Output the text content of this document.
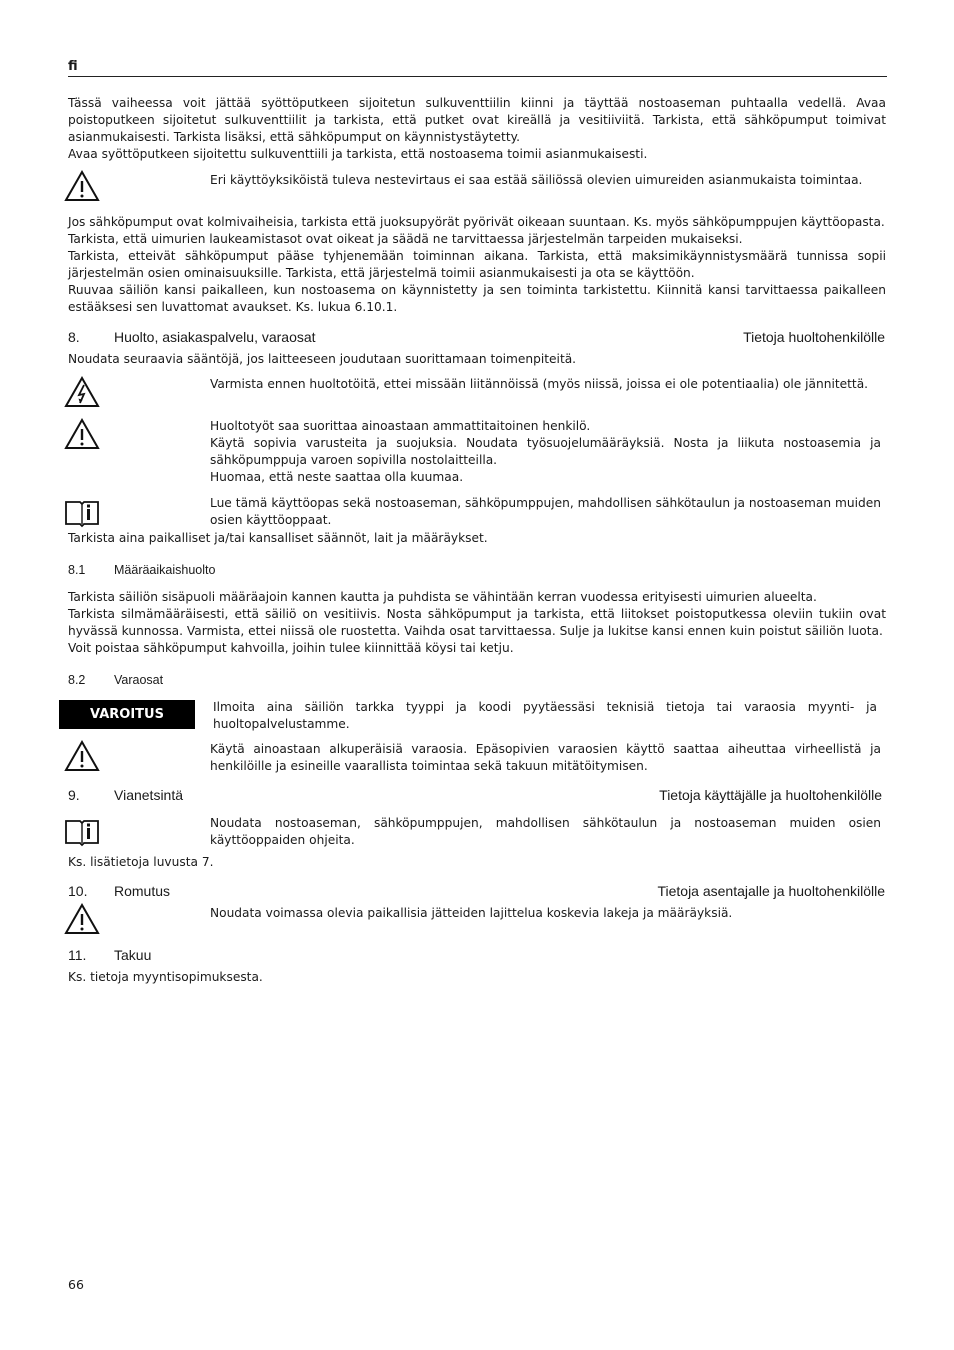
fi

Tässä vaiheessa voit jättää syöttöputkeen sijoitetun sulkuventtiilin kiinni ja täyttää nostoaseman puhtaalla vedellä. Avaa poistoputkeen sijoitetut sulkuventtiilit ja tarkista, että putket ovat kireällä ja vesitiiviitä. Tarkista, että sähköpumput toimivat asianmukaisesti. Tarkista lisäksi, että sähköpumput on käynnistystäytetty.

Avaa syöttöputkeen sijoitettu sulkuventtiili ja tarkista, että nostoasema toimii asianmukaisesti.

Eri käyttöyksiköistä tuleva nestevirtaus ei saa estää säiliössä olevien uimureiden asianmukaista toimintaa.

Jos sähköpumput ovat kolmivaiheisia, tarkista että juoksupyörät pyörivät oikeaan suuntaan. Ks. myös sähköpumppujen käyttöopasta.

Tarkista, että uimurien laukeamistasot ovat oikeat ja säädä ne tarvittaessa järjestelmän tarpeiden mukaiseksi.

Tarkista, etteivät sähköpumput pääse tyhjenemään toiminnan aikana. Tarkista, että maksimikäynnistysmäärä tunnissa sopii järjestelmän osien ominaisuuksille. Tarkista, että järjestelmä toimii asianmukaisesti ja ota se käyttöön.

Ruuvaa säiliön kansi paikalleen, kun nostoasema on käynnistetty ja sen toiminta tarkistettu. Kiinnitä kansi tarvittaessa paikalleen estääksesi sen luvattomat avaukset. Ks. lukua 6.10.1.

8. Huolto, asiakaspalvelu, varaosat	Tietoja huoltohenkilölle

Noudata seuraavia sääntöjä, jos laitteeseen joudutaan suorittamaan toimenpiteitä.

Varmista ennen huoltotöitä, ettei missään liitännöissä (myös niissä, joissa ei ole potentiaalia) ole jännitettä.

Huoltotyöt saa suorittaa ainoastaan ammattitaitoinen henkilö.

Käytä sopivia varusteita ja suojuksia. Noudata työsuojelumääräyksiä. Nosta ja liikuta nostoasemia ja sähköpumppuja varoen sopivilla nostolaitteilla.

Huomaa, että neste saattaa olla kuumaa.

Lue tämä käyttöopas sekä nostoaseman, sähköpumppujen, mahdollisen sähkötaulun ja nostoaseman muiden osien käyttöoppaat.

Tarkista aina paikalliset ja/tai kansalliset säännöt, lait ja määräykset.

8.1 Määräaikaishuolto

Tarkista säiliön sisäpuoli määräajoin kannen kautta ja puhdista se vähintään kerran vuodessa erityisesti uimurien alueelta.

Tarkista silmämääräisesti, että säiliö on vesitiivis. Nosta sähköpumput ja tarkista, että liitokset poistoputkessa oleviin tukiin ovat hyvässä kunnossa. Varmista, ettei niissä ole ruostetta. Vaihda osat tarvittaessa. Sulje ja lukitse kansi ennen kuin poistut säiliön luota.

Voit poistaa sähköpumput kahvoilla, joihin tulee kiinnittää köysi tai ketju.

8.2 Varaosat
VAROITUS	Ilmoita aina säiliön tarkka tyyppi ja koodi pyytäessäsi teknisiä tietoja tai varaosia myynti- ja huoltopalvelustamme.

Käytä ainoastaan alkuperäisiä varaosia. Epäsopivien varaosien käyttö saattaa aiheuttaa virheellistä ja henkilöille ja esineille vaarallista toimintaa sekä takuun mitätöitymisen.

9. Vianetsintä	Tietoja käyttäjälle ja huoltohenkilölle

Noudata nostoaseman, sähköpumppujen, mahdollisen sähkötaulun ja nostoaseman muiden osien käyttöoppaiden ohjeita.

Ks. lisätietoja luvusta 7.

10. Romutus	Tietoja asentajalle ja huoltohenkilölle

Noudata voimassa olevia paikallisia jätteiden lajittelua koskevia lakeja ja määräyksiä.

11. Takuu

Ks. tietoja myyntisopimuksesta.

66
